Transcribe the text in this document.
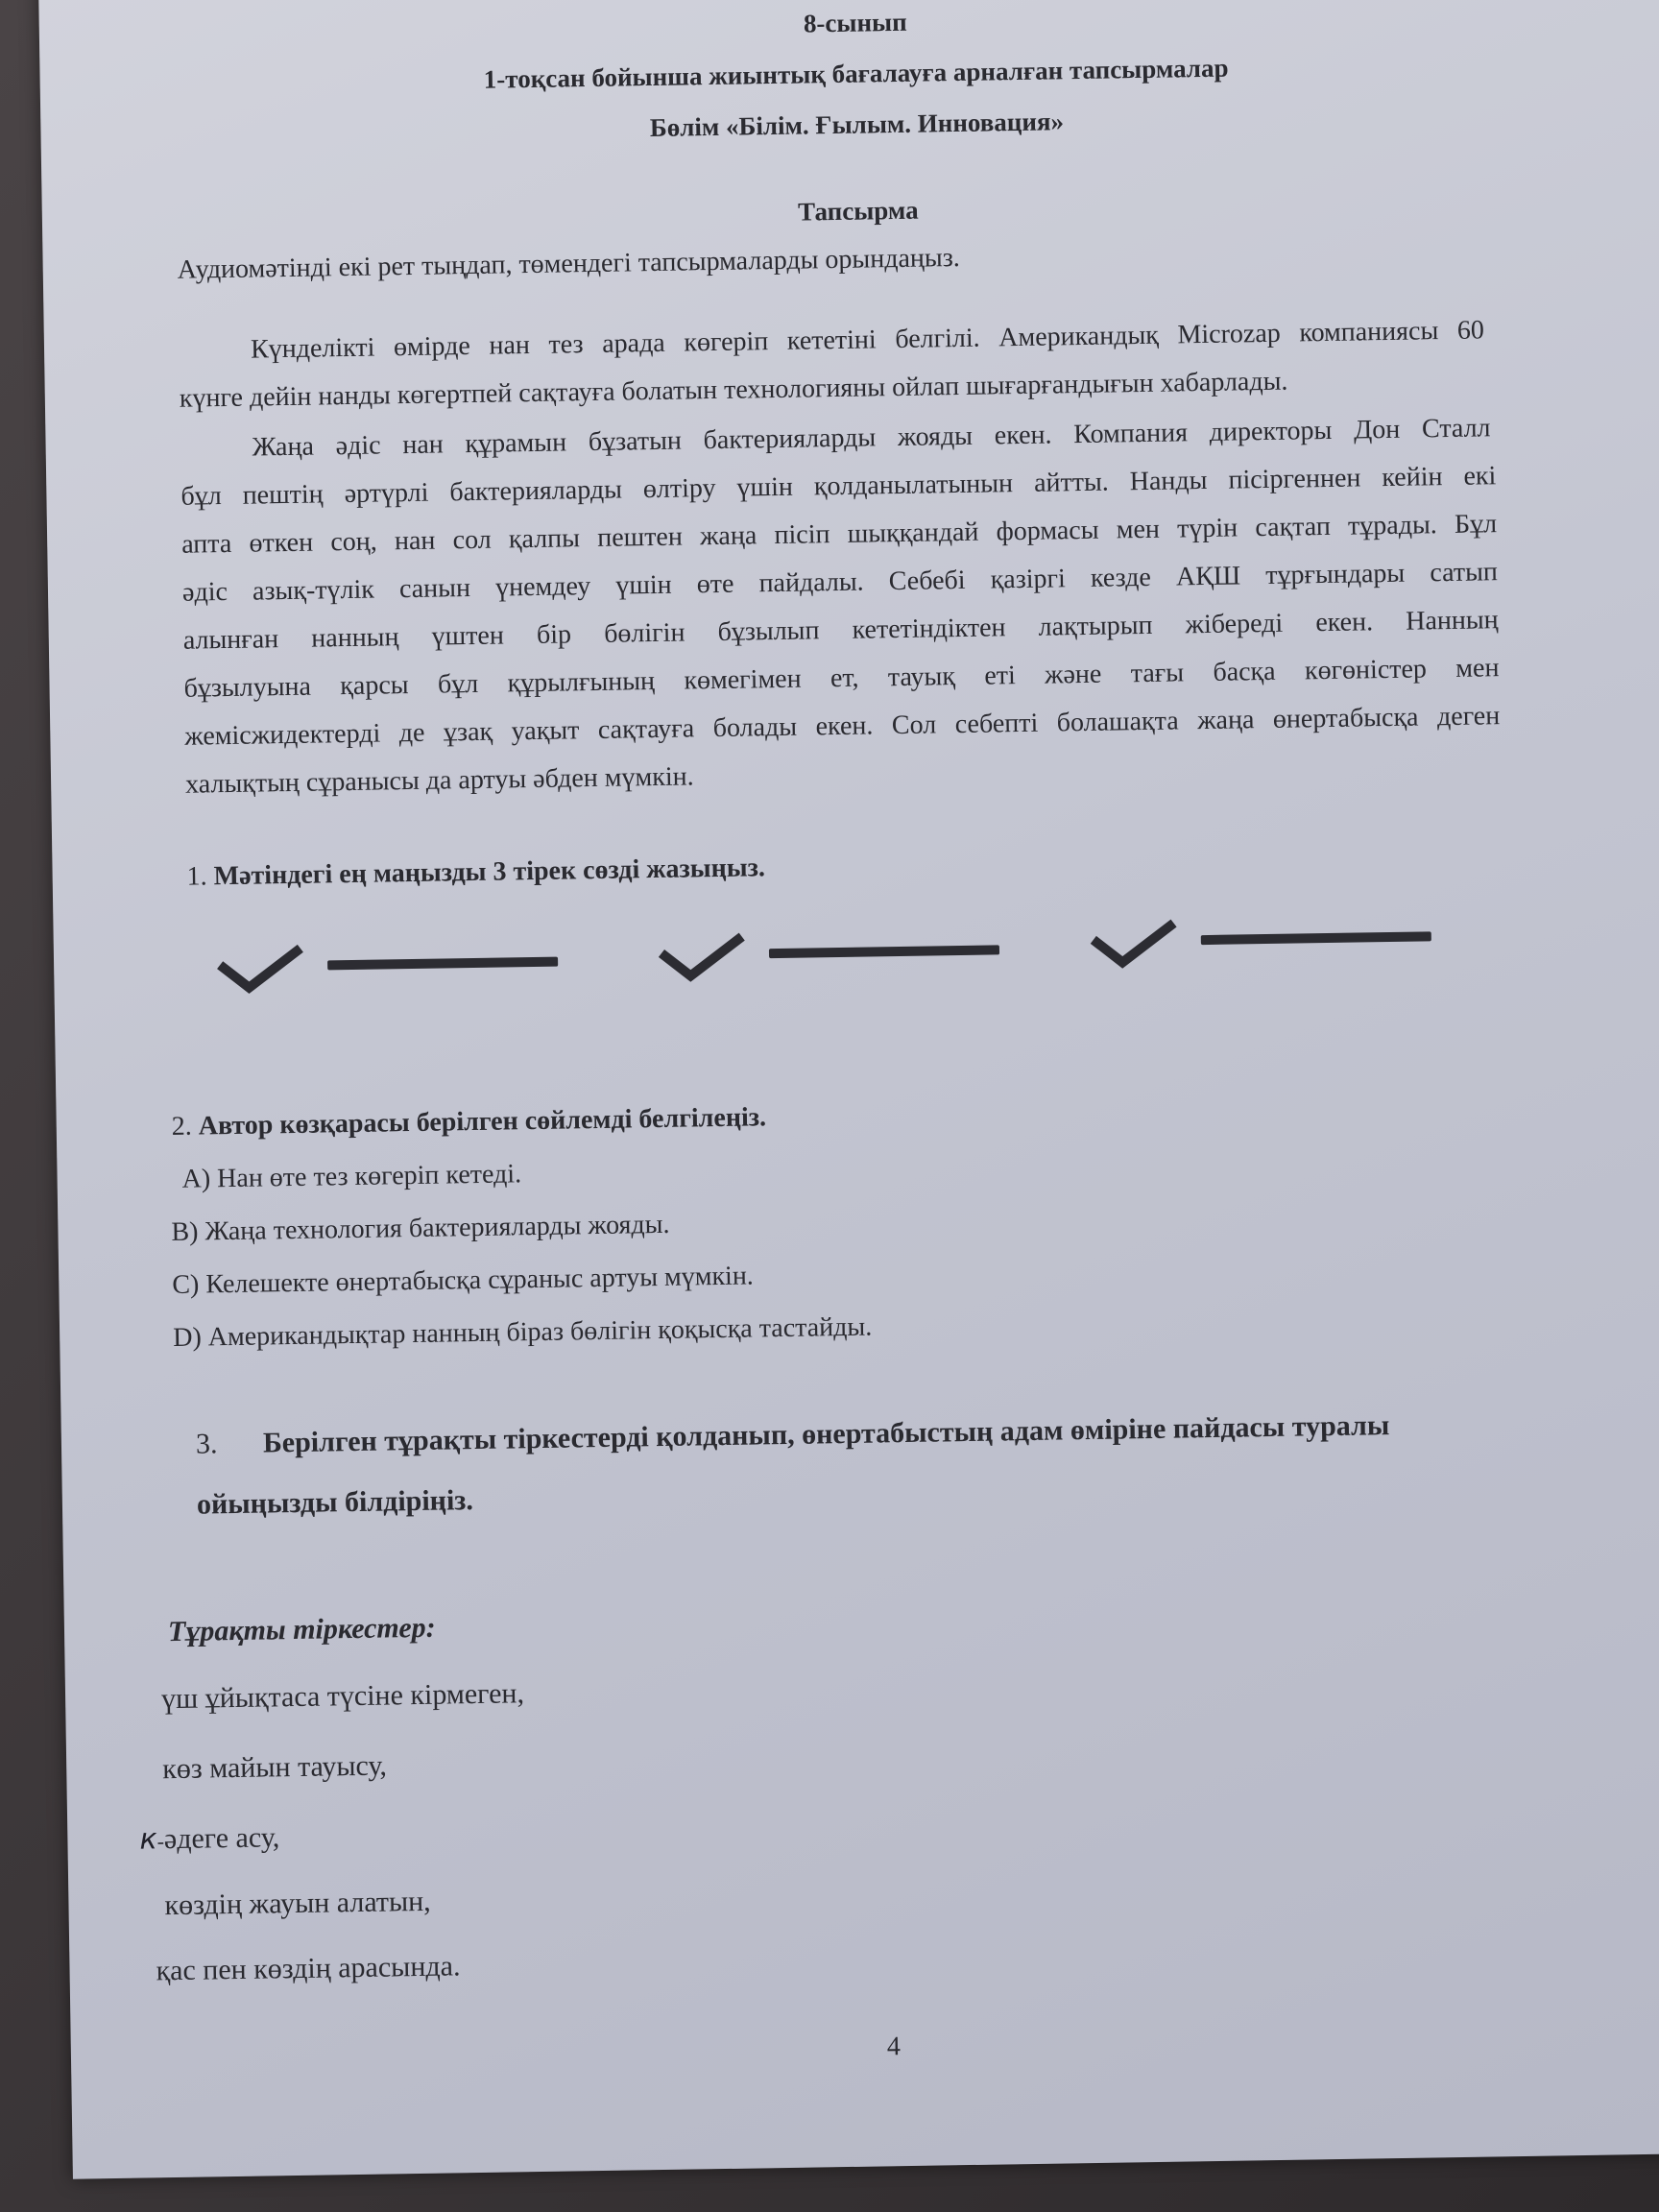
8-сынып
1-тоқсан бойынша жиынтық бағалауға арналған тапсырмалар
Бөлім «Білім. Ғылым. Инновация»
Тапсырма
Аудиомәтінді екі рет тыңдап, төмендегі тапсырмаларды орындаңыз.
Күнделікті өмірде нан тез арада көгеріп кететіні белгілі. Американдық Microzap компаниясы 60
күнге дейін нанды көгертпей сақтауға болатын технологияны ойлап шығарғандығын хабарлады.
Жаңа әдіс нан құрамын бұзатын бактерияларды жояды екен. Компания директоры Дон Сталл
бұл пештің әртүрлі бактерияларды өлтіру үшін қолданылатынын айтты. Нанды пісіргеннен кейін екі
апта өткен соң, нан сол қалпы пештен жаңа пісіп шыққандай формасы мен түрін сақтап тұрады. Бұл
әдіс азық-түлік санын үнемдеу үшін өте пайдалы. Себебі қазіргі кезде АҚШ тұрғындары сатып
алынған нанның үштен бір бөлігін бұзылып кететіндіктен лақтырып жібереді екен. Нанның
бұзылуына қарсы бұл құрылғының көмегімен ет, тауық еті және тағы басқа көгөністер мен
жемісжидектерді де ұзақ уақыт сақтауға болады екен. Сол себепті болашақта жаңа өнертабысқа деген
халықтың сұранысы да артуы әбден мүмкін.
1. Мәтіндегі ең маңызды 3 тірек сөзді жазыңыз.
2. Автор көзқарасы берілген сөйлемді белгілеңіз.
А) Нан өте тез көгеріп кетеді.
В) Жаңа технология бактерияларды жояды.
С) Келешекте өнертабысқа сұраныс артуы мүмкін.
D) Американдықтар нанның біраз бөлігін қоқысқа тастайды.
3. Берілген тұрақты тіркестерді қолданып, өнертабыстың адам өміріне пайдасы туралы
ойыңызды білдіріңіз.
Тұрақты тіркестер:
үш ұйықтаса түсіне кірмеген,
көз майын тауысу,
к-әдеге асу,
көздің жауын алатын,
қас пен көздің арасында.
4
